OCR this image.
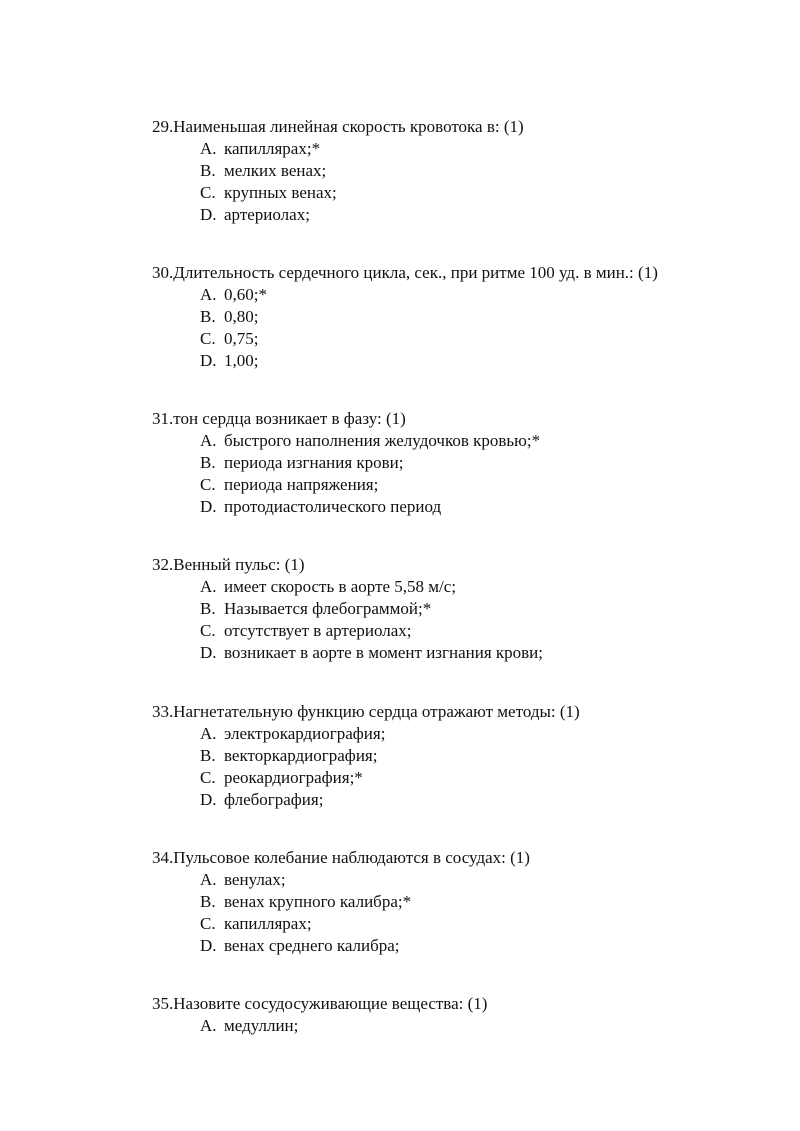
29.Наименьшая линейная скорость кровотока в: (1)
A. капиллярах;*
B. мелких венах;
C. крупных венах;
D. артериолах;
30.Длительность сердечного цикла, сек., при ритме 100 уд. в мин.: (1)
A. 0,60;*
B. 0,80;
C. 0,75;
D. 1,00;
31.тон сердца возникает в фазу: (1)
A. быстрого наполнения желудочков кровью;*
B. периода изгнания крови;
C. периода напряжения;
D. протодиастолического период
32.Венный пульс: (1)
A. имеет скорость в аорте 5,58 м/с;
B. Называется флебограммой;*
C. отсутствует в артериолах;
D. возникает в аорте в момент изгнания крови;
33.Нагнетательную функцию сердца отражают методы: (1)
A. электрокардиография;
B. векторкардиография;
C. реокардиография;*
D. флебография;
34.Пульсовое колебание наблюдаются в сосудах: (1)
A. венулах;
B. венах крупного калибра;*
C. капиллярах;
D. венах среднего калибра;
35.Назовите сосудосуживающие вещества: (1)
A. медуллин;
